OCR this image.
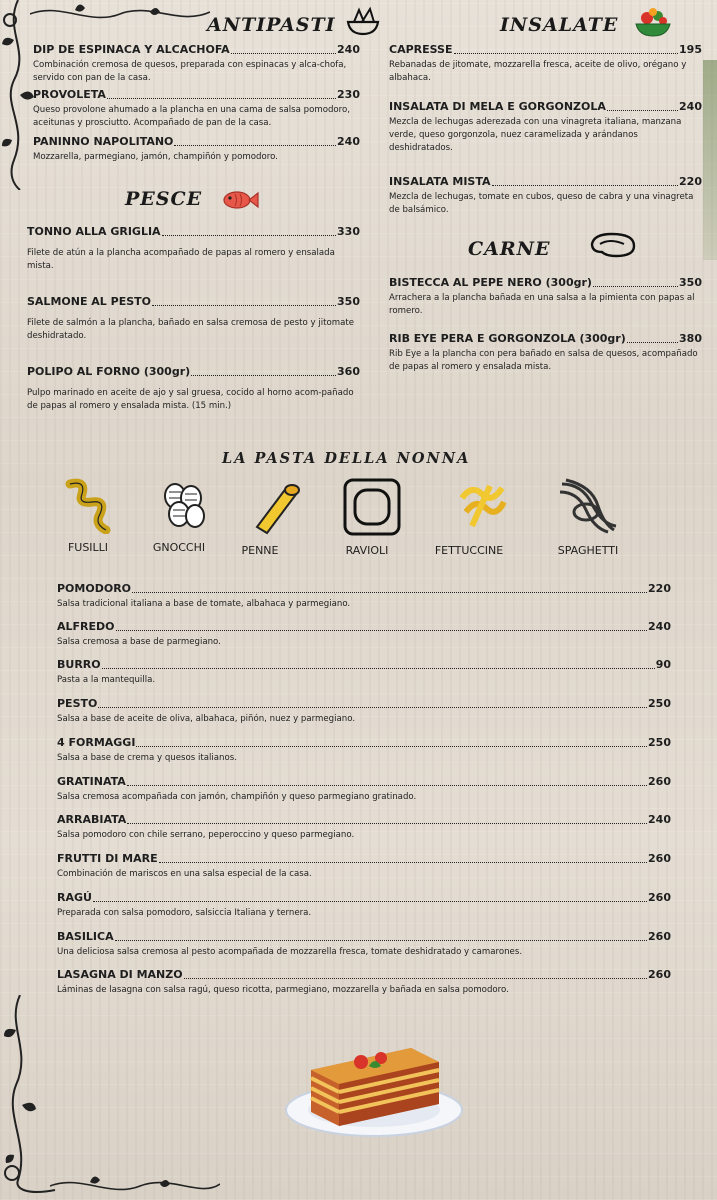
ANTIPASTI
DIP DE ESPINACA Y ALCACHOFA	240
Combinación cremosa de quesos, preparada con espinacas y alca-chofa, servido con pan de la casa.
PROVOLETA	230
Queso provolone ahumado a la plancha en una cama de salsa pomodoro, aceitunas y prosciutto. Acompañado de pan de la casa.
PANINNO NAPOLITANO	240
Mozzarella, parmegiano, jamón, champiñón y pomodoro.
PESCE
TONNO ALLA GRIGLIA	330
Filete de atún a la plancha acompañado de papas al romero y ensalada mista.
SALMONE AL PESTO	350
Filete de salmón a la plancha, bañado en salsa cremosa de pesto y jitomate deshidratado.
POLIPO AL FORNO (300gr)	360
Pulpo marinado en aceite de ajo y sal gruesa, cocido al horno acom-pañado de papas al romero y ensalada mista. (15 min.)
INSALATE
CAPRESSE	195
Rebanadas de jitomate, mozzarella fresca, aceite de olivo, orégano y albahaca.
INSALATA DI MELA E GORGONZOLA	240
Mezcla de lechugas aderezada con una vinagreta italiana, manzana verde, queso gorgonzola, nuez caramelizada y arándanos deshidratados.
INSALATA MISTA	220
Mezcla de lechugas, tomate en cubos, queso de cabra y una vinagreta de balsámico.
CARNE
BISTECCA AL PEPE NERO (300gr)	350
Arrachera a la plancha bañada en una salsa a la pimienta con papas al romero.
RIB EYE PERA E GORGONZOLA (300gr)	380
Rib Eye a la plancha con pera bañado en salsa de quesos, acompañado de papas al romero y ensalada mista.
LA PASTA DELLA NONNA
FUSILLI	GNOCCHI	PENNE	RAVIOLI	FETTUCCINE	SPAGHETTI
POMODORO	220
Salsa tradicional italiana a base de tomate, albahaca y parmegiano.
ALFREDO	240
Salsa cremosa a base de parmegiano.
BURRO	90
Pasta a la mantequilla.
PESTO	250
Salsa a base de aceite de oliva, albahaca, piñón, nuez y parmegiano.
4 FORMAGGI	250
Salsa a base de crema y quesos italianos.
GRATINATA	260
Salsa cremosa acompañada con jamón, champiñón y queso parmegiano gratinado.
ARRABIATA	240
Salsa pomodoro con chile serrano, peperoccino y queso parmegiano.
FRUTTI DI MARE	260
Combinación de mariscos en una salsa especial de la casa.
RAGÚ	260
Preparada con salsa pomodoro, salsiccia Italiana y ternera.
BASILICA	260
Una deliciosa salsa cremosa al pesto acompañada de mozzarella fresca, tomate deshidratado y camarones.
LASAGNA DI MANZO	260
Láminas de lasagna con salsa ragú, queso ricotta, parmegiano, mozzarella y bañada en salsa pomodoro.
